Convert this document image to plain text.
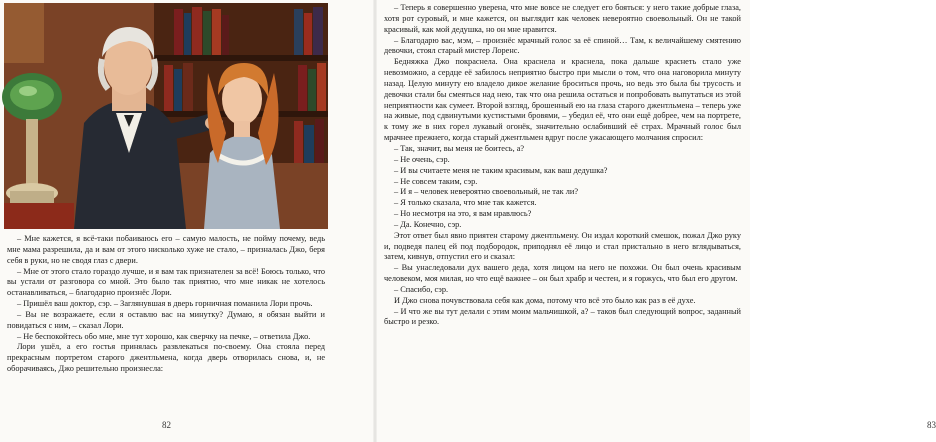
– Мне кажется, я всё-таки побаиваюсь его – самую малость, не пойму почему, ведь мне мама разрешила, да и вам от этого нисколько хуже не стало, – призналась Джо, беря себя в руки, но не сводя глаз с двери.

– Мне от этого стало гораздо лучше, и я вам так признателен за всё! Боюсь только, что вы устали от разговора со мной. Это было так приятно, что мне никак не хотелось останавливаться, – благодарно произнёс Лори.

– Пришёл ваш доктор, сэр. – Заглянувшая в дверь горничная поманила Лори прочь.

– Вы не возражаете, если я оставлю вас на минутку? Думаю, я обязан выйти и повидаться с ним, – сказал Лори.

– Не беспокойтесь обо мне, мне тут хорошо, как сверчку на печке, – ответила Джо.

Лори ушёл, а его гостья принялась развлекаться по-своему. Она стояла перед прекрасным портретом старого джентльмена, когда дверь отворилась снова, и, не оборачиваясь, Джо решительно произнесла:

82

– Теперь я совершенно уверена, что мне вовсе не следует его бояться: у него такие добрые глаза, хотя рот суровый, и мне кажется, он выглядит как человек невероятно своевольный. Он не такой красивый, как мой дедушка, но он мне нравится.

– Благодарю вас, мэм, – произнёс мрачный голос за её спиной… Там, к величайшему смятению девочки, стоял старый мистер Лоренс.

Бедняжка Джо покраснела. Она краснела и краснела, пока дальше краснеть стало уже невозможно, а сердце её забилось неприятно быстро при мысли о том, что она наговорила минуту назад. Целую минуту ею владело дикое желание броситься прочь, но ведь это была бы трусость и девочки стали бы смеяться над нею, так что она решила остаться и попробовать выпутаться из этой неприятности как сумеет. Второй взгляд, брошенный ею на глаза старого джентльмена – теперь уже на живые, под сдвинутыми кустистыми бровями, – убедил её, что они ещё добрее, чем на портрете, к тому же в них горел лукавый огонёк, значительно ослабивший её страх. Мрачный голос был мрачнее прежнего, когда старый джентльмен вдруг после ужасающего молчания спросил:

– Так, значит, вы меня не боитесь, а?

– Не очень, сэр.

– И вы считаете меня не таким красивым, как ваш дедушка?

– Не совсем таким, сэр.

– И я – человек невероятно своевольный, не так ли?

– Я только сказала, что мне так кажется.

– Но несмотря на это, я вам нравлюсь?

– Да. Конечно, сэр.

Этот ответ был явно приятен старому джентльмену. Он издал короткий смешок, пожал Джо руку и, подведя палец ей под подбородок, приподнял её лицо и стал пристально в него вглядываться, затем, кивнув, отпустил его и сказал:

– Вы унаследовали дух вашего деда, хотя лицом на него не похожи. Он был очень красивым человеком, моя милая, но что ещё важнее – он был храбр и честен, и я горжусь, что был его другом.

– Спасибо, сэр.

И Джо снова почувствовала себя как дома, потому что всё это было как раз в её духе.

– И что же вы тут делали с этим моим мальчишкой, а? – таков был следующий вопрос, заданный быстро и резко.

83
